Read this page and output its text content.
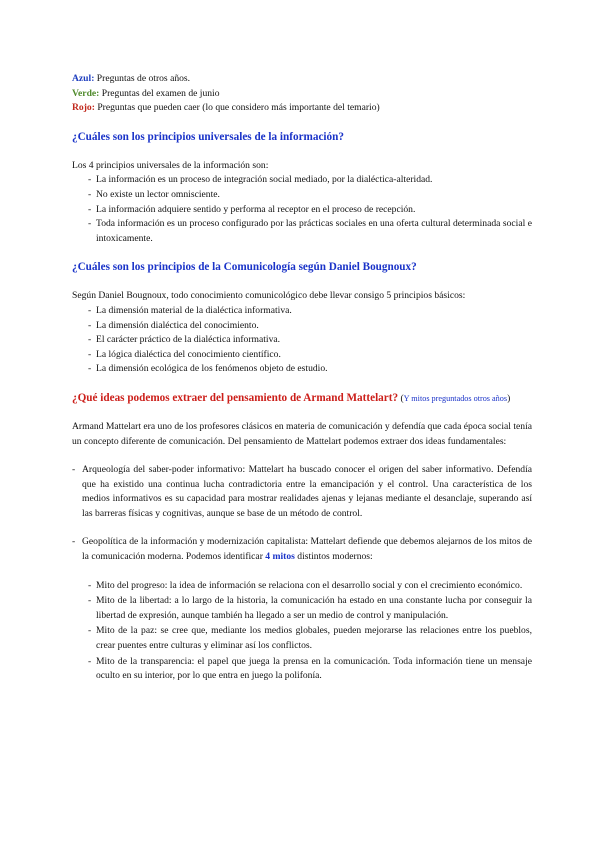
Azul: Preguntas de otros años.

Verde: Preguntas del examen de junio

Rojo: Preguntas que pueden caer (lo que considero más importante del temario)

¿Cuáles son los principios universales de la información?

Los 4 principios universales de la información son:

- La información es un proceso de integración social mediado, por la dialéctica-alteridad.
- No existe un lector omnisciente.
- La información adquiere sentido y performa al receptor en el proceso de recepción.
- Toda información es un proceso configurado por las prácticas sociales en una oferta cultural determinada social e intoxicamente.
¿Cuáles son los principios de la Comunicología según Daniel Bougnoux?

Según Daniel Bougnoux, todo conocimiento comunicológico debe llevar consigo 5 principios básicos:

- La dimensión material de la dialéctica informativa.
- La dimensión dialéctica del conocimiento.
- El carácter práctico de la dialéctica informativa.
- La lógica dialéctica del conocimiento científico.
- La dimensión ecológica de los fenómenos objeto de estudio.
¿Qué ideas podemos extraer del pensamiento de Armand Mattelart? (Y mitos preguntados otros años)

Armand Mattelart era uno de los profesores clásicos en materia de comunicación y defendía que cada época social tenía un concepto diferente de comunicación. Del pensamiento de Mattelart podemos extraer dos ideas fundamentales:

- Arqueología del saber-poder informativo: Mattelart ha buscado conocer el origen del saber informativo. Defendía que ha existido una continua lucha contradictoria entre la emancipación y el control. Una característica de los medios informativos es su capacidad para mostrar realidades ajenas y lejanas mediante el desanclaje, superando así las barreras físicas y cognitivas, aunque se base de un método de control.
- Geopolítica de la información y modernización capitalista: Mattelart defiende que debemos alejarnos de los mitos de la comunicación moderna. Podemos identificar 4 mitos distintos modernos:
- Mito del progreso: la idea de información se relaciona con el desarrollo social y con el crecimiento económico.
- Mito de la libertad: a lo largo de la historia, la comunicación ha estado en una constante lucha por conseguir la libertad de expresión, aunque también ha llegado a ser un medio de control y manipulación.
- Mito de la paz: se cree que, mediante los medios globales, pueden mejorarse las relaciones entre los pueblos, crear puentes entre culturas y eliminar así los conflictos.
- Mito de la transparencia: el papel que juega la prensa en la comunicación. Toda información tiene un mensaje oculto en su interior, por lo que entra en juego la polifonía.
